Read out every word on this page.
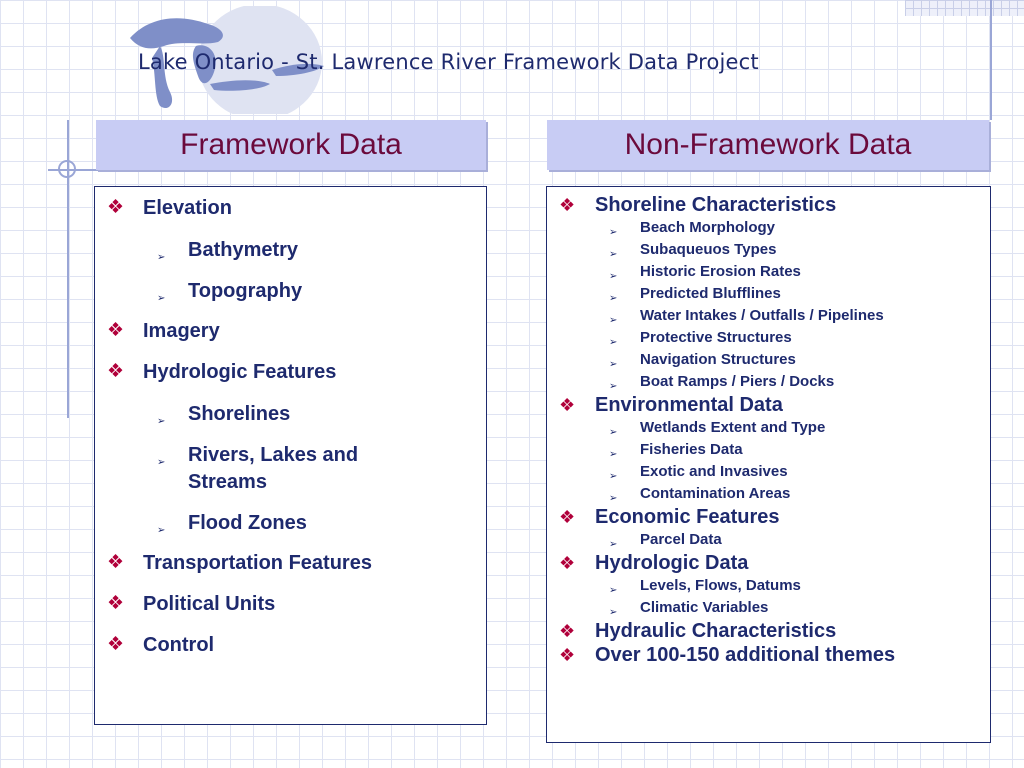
Lake Ontario - St. Lawrence River Framework Data Project
Framework Data	Non-Framework Data
❖ Elevation
➢ Bathymetry
➢ Topography
❖ Imagery
❖ Hydrologic Features
➢ Shorelines
➢ Rivers, Lakes and Streams
➢ Flood Zones
❖ Transportation Features
❖ Political Units
❖ Control
❖ Shoreline Characteristics
➢ Beach Morphology
➢ Subaqueuos Types
➢ Historic Erosion Rates
➢ Predicted Blufflines
➢ Water Intakes / Outfalls / Pipelines
➢ Protective Structures
➢ Navigation Structures
➢ Boat Ramps / Piers / Docks
❖ Environmental Data
➢ Wetlands Extent and Type
➢ Fisheries Data
➢ Exotic and Invasives
➢ Contamination Areas
❖ Economic Features
➢ Parcel Data
❖ Hydrologic Data
➢ Levels, Flows, Datums
➢ Climatic Variables
❖ Hydraulic Characteristics
❖ Over 100-150 additional themes
